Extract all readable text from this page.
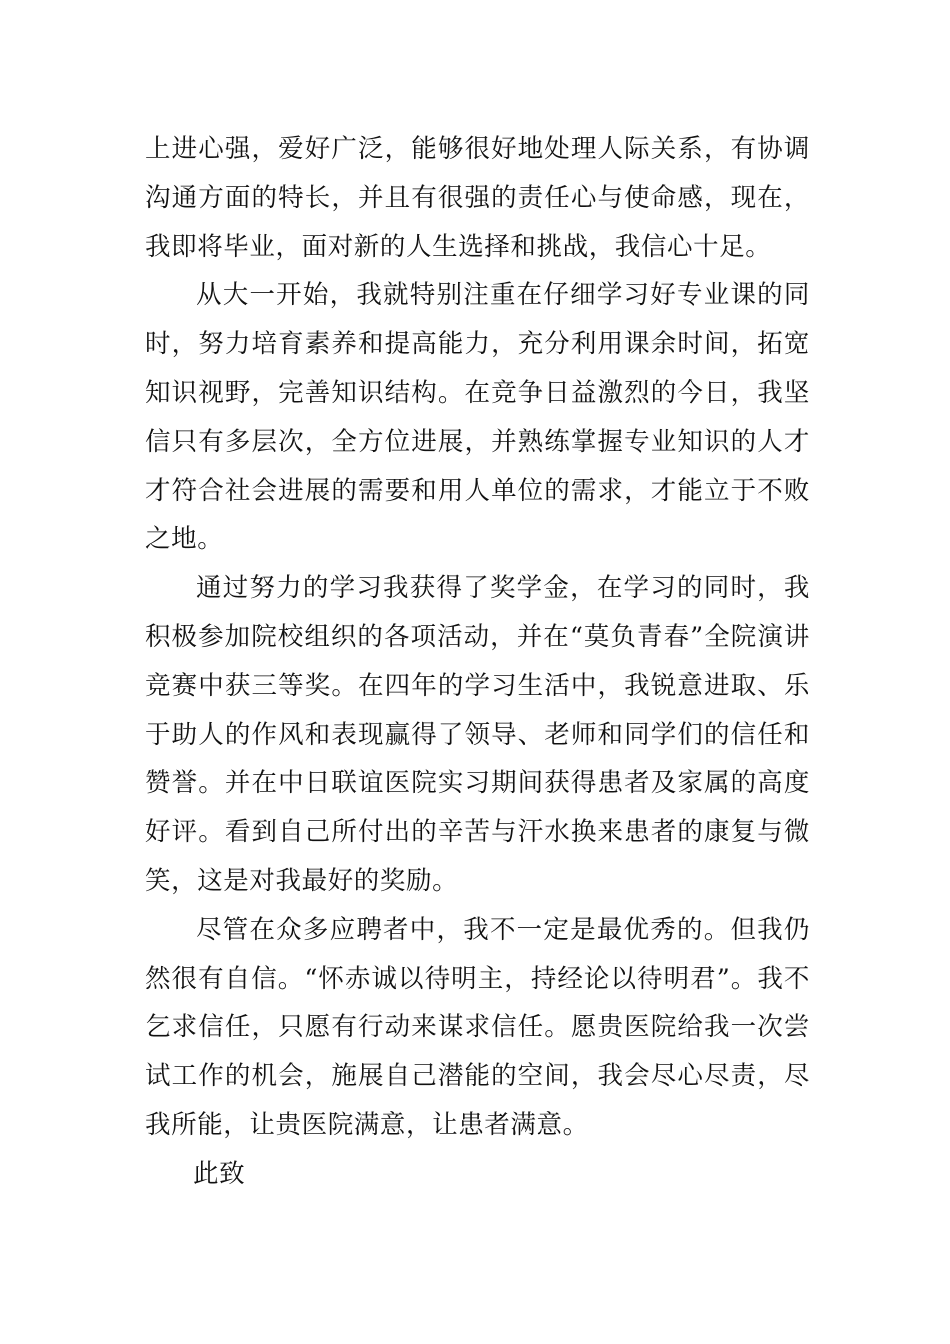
上进心强，爱好广泛，能够很好地处理人际关系，有协调沟通方面的特长，并且有很强的责任心与使命感，现在，我即将毕业，面对新的人生选择和挑战，我信心十足。

从大一开始，我就特别注重在仔细学习好专业课的同时，努力培育素养和提高能力，充分利用课余时间，拓宽知识视野，完善知识结构。在竞争日益激烈的今日，我坚信只有多层次，全方位进展，并熟练掌握专业知识的人才才符合社会进展的需要和用人单位的需求，才能立于不败之地。

通过努力的学习我获得了奖学金，在学习的同时，我积极参加院校组织的各项活动，并在“莫负青春”全院演讲竞赛中获三等奖。在四年的学习生活中，我锐意进取、乐于助人的作风和表现赢得了领导、老师和同学们的信任和赞誉。并在中日联谊医院实习期间获得患者及家属的高度好评。看到自己所付出的辛苦与汗水换来患者的康复与微笑，这是对我最好的奖励。

尽管在众多应聘者中，我不一定是最优秀的。但我仍然很有自信。“怀赤诚以待明主，持经论以待明君”。我不乞求信任，只愿有行动来谋求信任。愿贵医院给我一次尝试工作的机会，施展自己潜能的空间，我会尽心尽责，尽我所能，让贵医院满意，让患者满意。

此致
